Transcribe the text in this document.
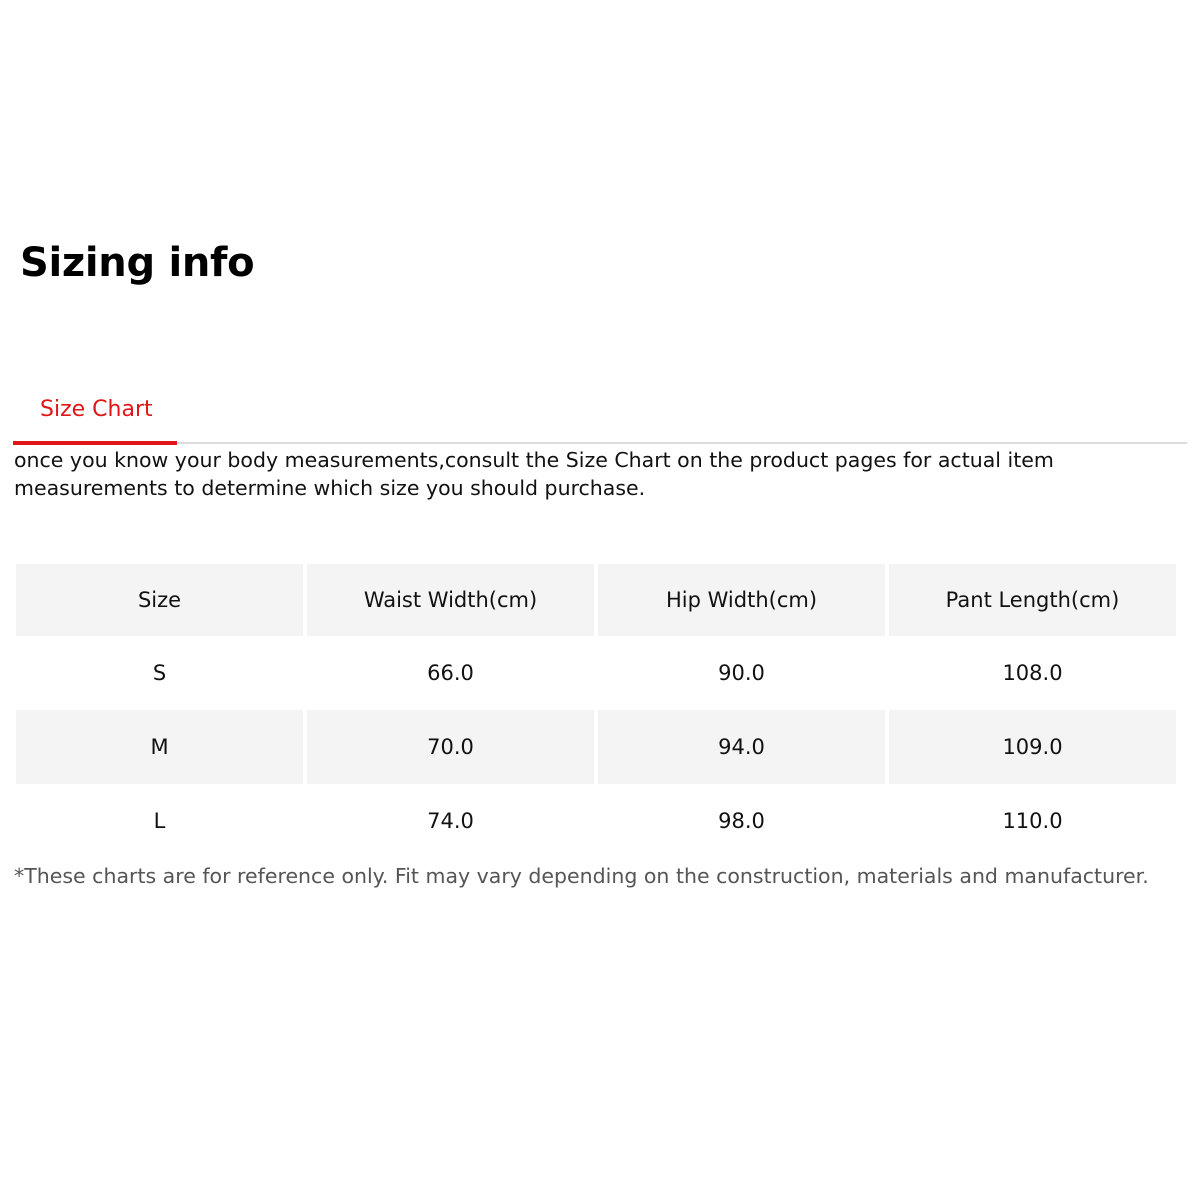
Sizing info
Size Chart

once you know your body measurements,consult the Size Chart on the product pages for actual item measurements to determine which size you should purchase.

Size	Waist Width(cm)	Hip Width(cm)	Pant Length(cm)
S	66.0	90.0	108.0
M	70.0	94.0	109.0
L	74.0	98.0	110.0

*These charts are for reference only. Fit may vary depending on the construction, materials and manufacturer.
